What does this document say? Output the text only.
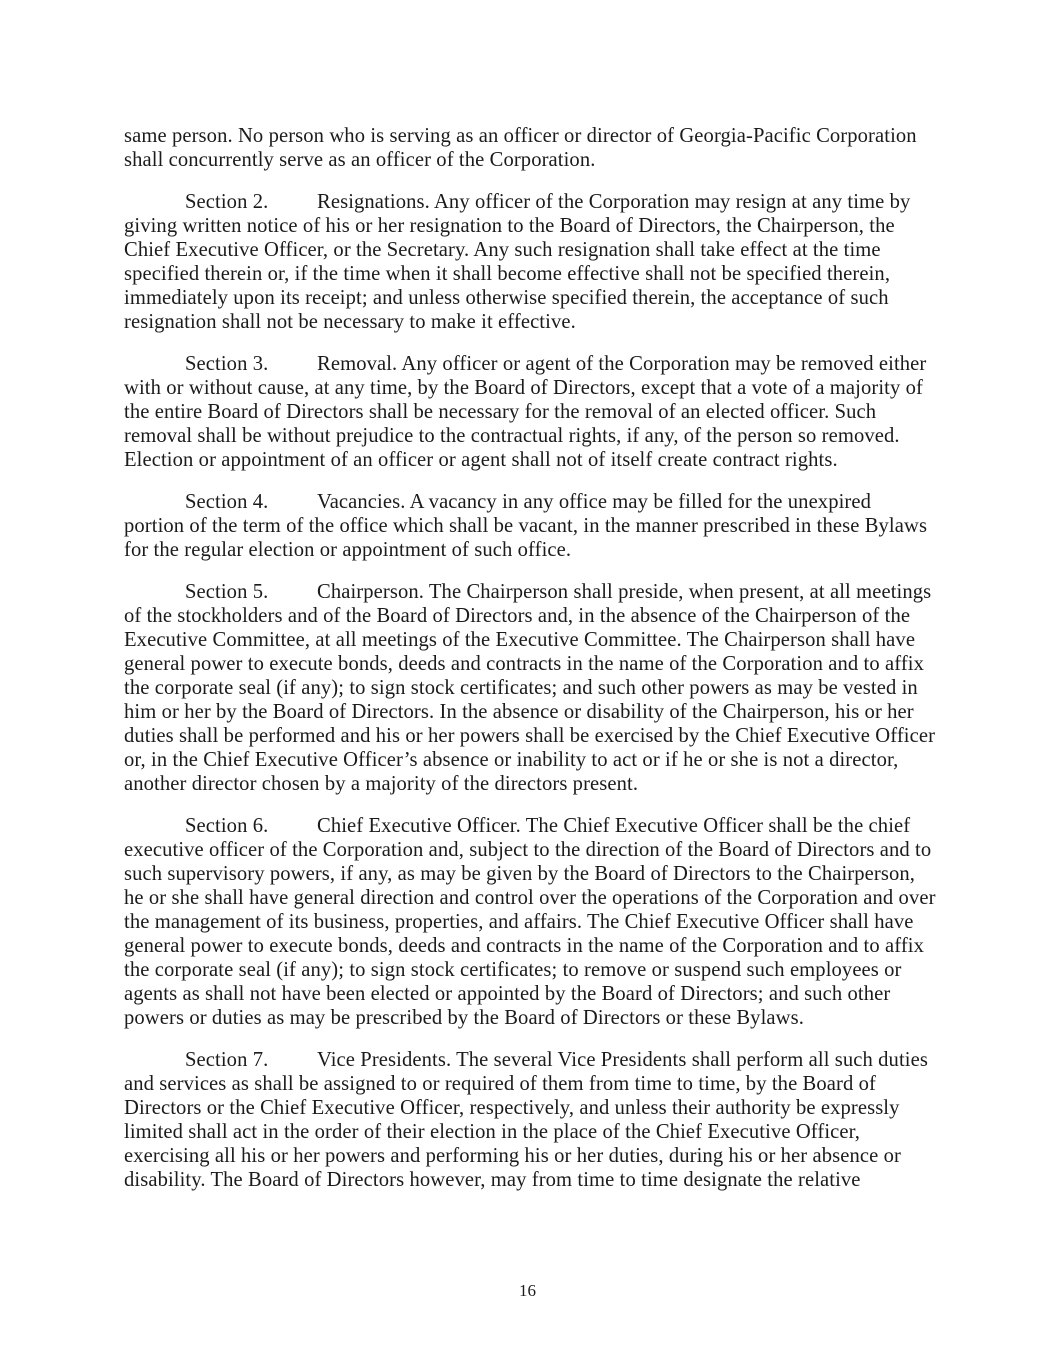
same person. No person who is serving as an officer or director of Georgia-Pacific Corporation shall concurrently serve as an officer of the Corporation.

Section 2. Resignations. Any officer of the Corporation may resign at any time by giving written notice of his or her resignation to the Board of Directors, the Chairperson, the Chief Executive Officer, or the Secretary. Any such resignation shall take effect at the time specified therein or, if the time when it shall become effective shall not be specified therein, immediately upon its receipt; and unless otherwise specified therein, the acceptance of such resignation shall not be necessary to make it effective.

Section 3. Removal. Any officer or agent of the Corporation may be removed either with or without cause, at any time, by the Board of Directors, except that a vote of a majority of the entire Board of Directors shall be necessary for the removal of an elected officer. Such removal shall be without prejudice to the contractual rights, if any, of the person so removed. Election or appointment of an officer or agent shall not of itself create contract rights.

Section 4. Vacancies. A vacancy in any office may be filled for the unexpired portion of the term of the office which shall be vacant, in the manner prescribed in these Bylaws for the regular election or appointment of such office.

Section 5. Chairperson. The Chairperson shall preside, when present, at all meetings of the stockholders and of the Board of Directors and, in the absence of the Chairperson of the Executive Committee, at all meetings of the Executive Committee. The Chairperson shall have general power to execute bonds, deeds and contracts in the name of the Corporation and to affix the corporate seal (if any); to sign stock certificates; and such other powers as may be vested in him or her by the Board of Directors. In the absence or disability of the Chairperson, his or her duties shall be performed and his or her powers shall be exercised by the Chief Executive Officer or, in the Chief Executive Officer’s absence or inability to act or if he or she is not a director, another director chosen by a majority of the directors present.

Section 6. Chief Executive Officer. The Chief Executive Officer shall be the chief executive officer of the Corporation and, subject to the direction of the Board of Directors and to such supervisory powers, if any, as may be given by the Board of Directors to the Chairperson, he or she shall have general direction and control over the operations of the Corporation and over the management of its business, properties, and affairs. The Chief Executive Officer shall have general power to execute bonds, deeds and contracts in the name of the Corporation and to affix the corporate seal (if any); to sign stock certificates; to remove or suspend such employees or agents as shall not have been elected or appointed by the Board of Directors; and such other powers or duties as may be prescribed by the Board of Directors or these Bylaws.

Section 7. Vice Presidents. The several Vice Presidents shall perform all such duties and services as shall be assigned to or required of them from time to time, by the Board of Directors or the Chief Executive Officer, respectively, and unless their authority be expressly limited shall act in the order of their election in the place of the Chief Executive Officer, exercising all his or her powers and performing his or her duties, during his or her absence or disability. The Board of Directors however, may from time to time designate the relative

16
